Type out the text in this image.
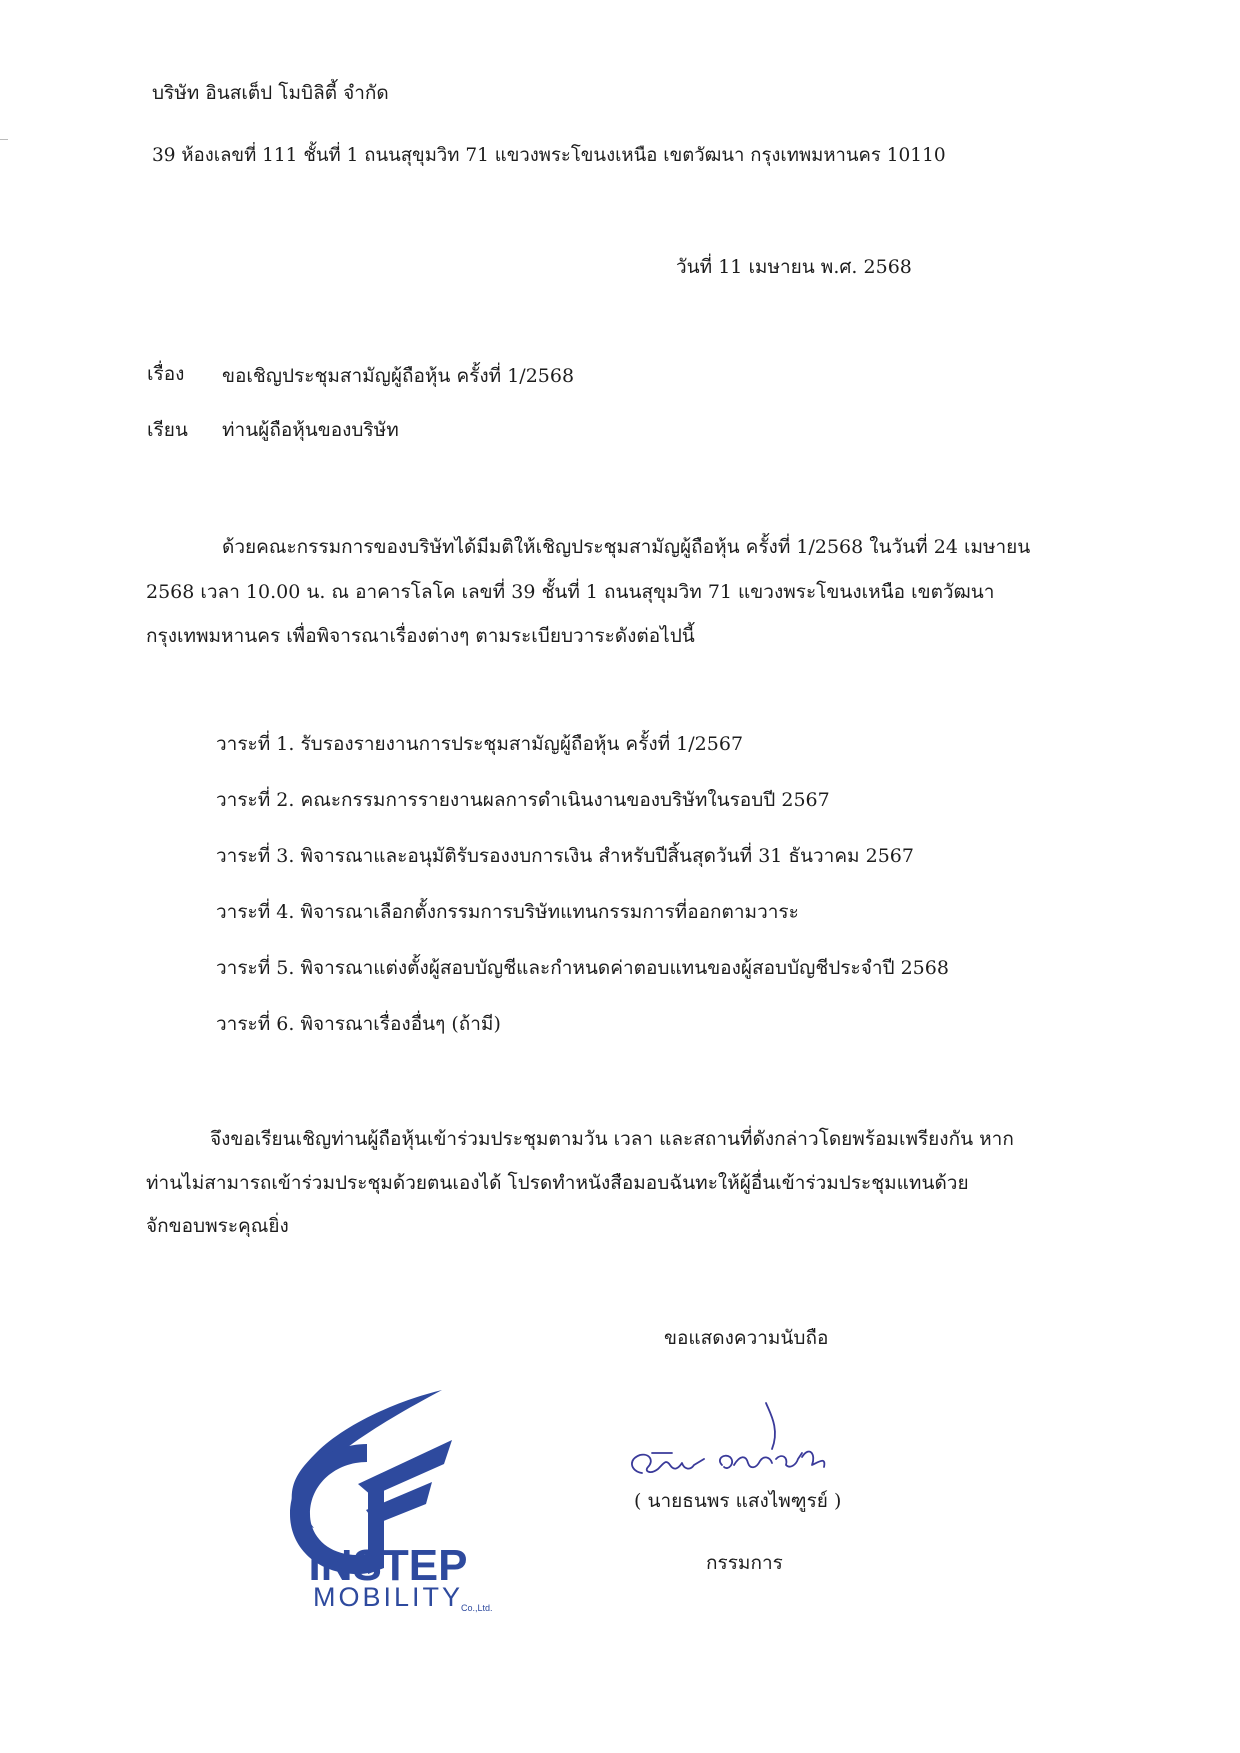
บริษัท อินสเต็ป โมบิลิตี้ จำกัด
39 ห้องเลขที่ 111 ชั้นที่ 1 ถนนสุขุมวิท 71 แขวงพระโขนงเหนือ เขตวัฒนา กรุงเทพมหานคร 10110
วันที่ 11 เมษายน พ.ศ. 2568
เรื่อง ขอเชิญประชุมสามัญผู้ถือหุ้น ครั้งที่ 1/2568
เรียน ท่านผู้ถือหุ้นของบริษัท
ด้วยคณะกรรมการของบริษัทได้มีมติให้เชิญประชุมสามัญผู้ถือหุ้น ครั้งที่ 1/2568 ในวันที่ 24 เมษายน
2568 เวลา 10.00 น. ณ อาคารโลโค เลขที่ 39 ชั้นที่ 1 ถนนสุขุมวิท 71 แขวงพระโขนงเหนือ เขตวัฒนา
กรุงเทพมหานคร เพื่อพิจารณาเรื่องต่างๆ ตามระเบียบวาระดังต่อไปนี้
วาระที่ 1. รับรองรายงานการประชุมสามัญผู้ถือหุ้น ครั้งที่ 1/2567
วาระที่ 2. คณะกรรมการรายงานผลการดำเนินงานของบริษัทในรอบปี 2567
วาระที่ 3. พิจารณาและอนุมัติรับรองงบการเงิน สำหรับปีสิ้นสุดวันที่ 31 ธันวาคม 2567
วาระที่ 4. พิจารณาเลือกตั้งกรรมการบริษัทแทนกรรมการที่ออกตามวาระ
วาระที่ 5. พิจารณาแต่งตั้งผู้สอบบัญชีและกำหนดค่าตอบแทนของผู้สอบบัญชีประจำปี 2568
วาระที่ 6. พิจารณาเรื่องอื่นๆ (ถ้ามี)
จึงขอเรียนเชิญท่านผู้ถือหุ้นเข้าร่วมประชุมตามวัน เวลา และสถานที่ดังกล่าวโดยพร้อมเพรียงกัน หาก
ท่านไม่สามารถเข้าร่วมประชุมด้วยตนเองได้ โปรดทำหนังสือมอบฉันทะให้ผู้อื่นเข้าร่วมประชุมแทนด้วย
จักขอบพระคุณยิ่ง
ขอแสดงความนับถือ
INSTEP
MOBILITY
Co.,Ltd.
( นายธนพร แสงไพฑูรย์ )
กรรมการ
